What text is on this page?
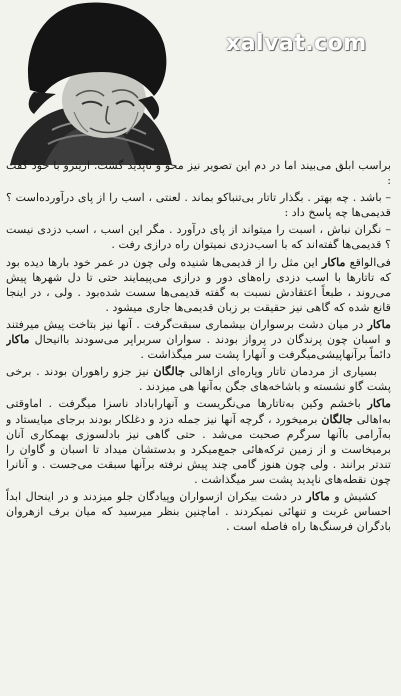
xalvat.com

براسب ابلق می‌بیند اما در دم این تصویر نیز محو و ناپدید گشت. ازیترو با خود گفت :

– باشد . چه بهتر . بگذار تاتار بی‌تنباکو بماند . لعنتی ، اسب را از پای درآورده‌است ؟ قدیمی‌ها چه پاسخ داد :

– نگران نباش ، اسبت را میتواند از پای درآورد . مگر این اسب ، اسب دزدی نیست ؟ قدیمی‌ها گفته‌اند که با اسب‌دزدی نمیتوان راه درازی رفت .

فی‌الواقع ماکار این مثل را از قدیمی‌ها شنیده ولی چون در عمر خود بارها دیده بود که تاتارها با اسب دزدی راه‌های دور و درازی می‌پیمایند حتی تا دل شهرها پیش می‌روند ، طبعاً اعتقادش نسبت به گفته قدیمی‌ها سست شده‌بود . ولی ، در اینجا قانع شده که گاهی نیز حقیقت بر زبان قدیمی‌ها جاری میشود .

ماکار در میان دشت برسواران بیشماری سبقت‌گرفت . آنها نیز بتاخت پیش میرفتند و اسبان چون پرندگان در پرواز بودند . سواران سربراپر می‌سودند باانیحال ماکار دائماً برآنهاپیشی‌میگرفت و آنهارا پشت سر میگذاشت .

بسیاری از مردمان تاتار وپاره‌ای ازاهالی جالگان نیز جزو راهوران بودند . برخی پشت گاو نشسته و باشاخه‌های جگن به‌آنها هی میزدند .

ماکار باخشم وکین به‌تاتارها می‌نگریست و آنهاراباداد ناسزا میگرفت . اماوقتی به‌اهالی جالگان برمیخورد ، گرچه آنها نیز جمله دزد و دغلکار بودند برجای میایستاد و به‌آرامی با‌آنها سرگرم صحبت می‌شد . حتی گاهی نیز بادلسوزی بهمکاری آنان برمیخاست و از زمین ترکه‌هائی جمع‌میکرد و بدستشان میداد تا اسبان و گاوان را تندتر برانند . ولی چون هنوز گامی چند پیش نرفته برآنها سبقت می‌جست . و آنانرا چون نقطه‌های ناپدید پشت سر میگذاشت .

کشیش و ماکار در دشت بیکران ازسواران وپیادگان جلو میزدند و در اینحال ابداً احساس غربت و تنهائی نمیکردند . اماچنین بنظر میرسید که میان برف ازهروان بادگران فرسنگ‌ها راه فاصله است .
